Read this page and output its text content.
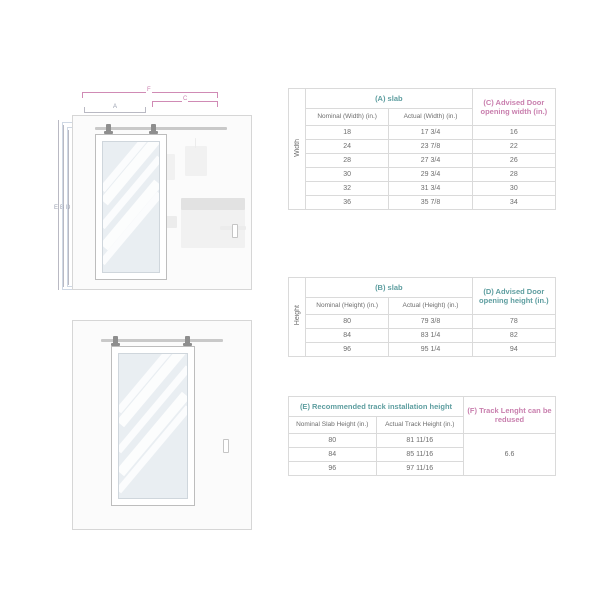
F
C
A
E B D
Width	(A) slab		(C) Advised Door opening width (in.)
	Nominal (Width) (in.)	Actual (Width) (in.)	
	18	17 3/4	16
	24	23 7/8	22
	28	27 3/4	26
	30	29 3/4	28
	32	31 3/4	30
	36	35 7/8	34
Height	(B) slab		(D) Advised Door opening height (in.)
	Nominal (Height) (in.)	Actual (Height) (in.)	
	80	79 3/8	78
	84	83 1/4	82
	96	95 1/4	94
(E) Recommended track installation height		(F) Track Lenght can be redused
Nominal Slab Height (in.)	Actual Track Height (in.)	
80	81 11/16	6.6
84	85 11/16	
96	97 11/16	
